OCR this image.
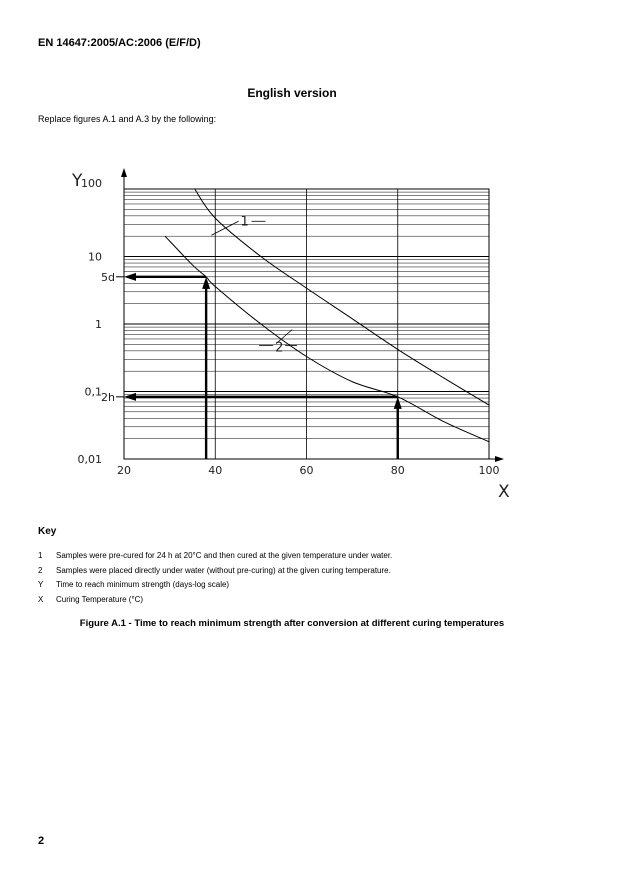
EN 14647:2005/AC:2006 (E/F/D)
English version
Replace figures A.1 and A.3 by the following:
100
10
1
0,1
0,01
20	40	60	80	100
Y
X
1
2
5d
2h
Key
1	Samples were pre-cured for 24 h at 20°C and then cured at the given temperature under water.
2	Samples were placed directly under water (without pre-curing) at the given curing temperature.
Y	Time to reach minimum strength (days-log scale)
X	Curing Temperature (°C)
Figure A.1 - Time to reach minimum strength after conversion at different curing temperatures
2
